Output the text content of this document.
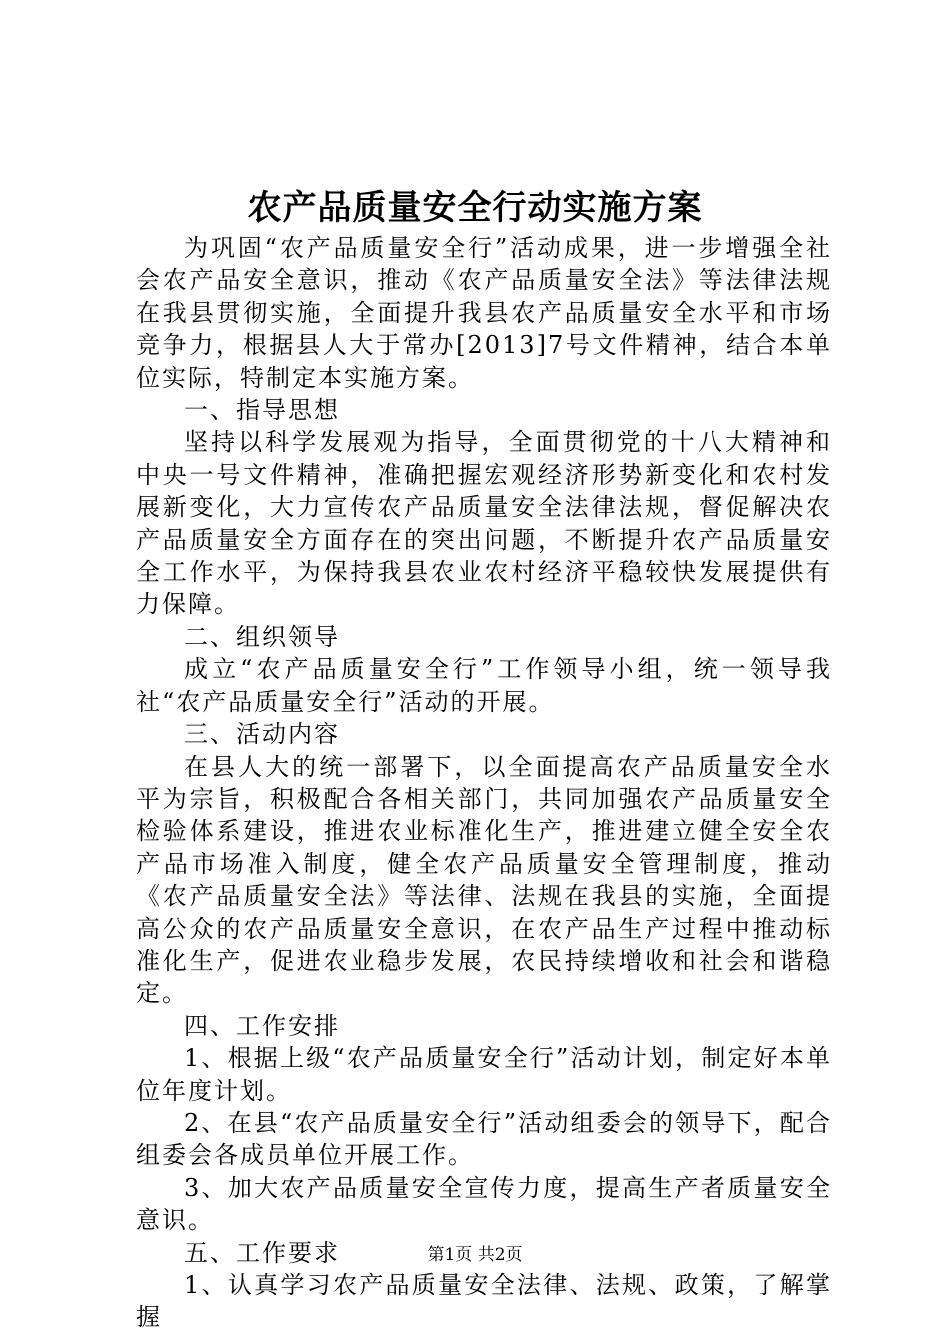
农产品质量安全行动实施方案

为巩固“农产品质量安全行”活动成果，进一步增强全社会农产品安全意识，推动《农产品质量安全法》等法律法规在我县贯彻实施，全面提升我县农产品质量安全水平和市场竞争力，根据县人大于常办[2013]7号文件精神，结合本单位实际，特制定本实施方案。

一、指导思想

坚持以科学发展观为指导，全面贯彻党的十八大精神和中央一号文件精神，准确把握宏观经济形势新变化和农村发展新变化，大力宣传农产品质量安全法律法规，督促解决农产品质量安全方面存在的突出问题，不断提升农产品质量安全工作水平，为保持我县农业农村经济平稳较快发展提供有力保障。

二、组织领导

成立“农产品质量安全行”工作领导小组，统一领导我社“农产品质量安全行”活动的开展。

三、活动内容

在县人大的统一部署下，以全面提高农产品质量安全水平为宗旨，积极配合各相关部门，共同加强农产品质量安全检验体系建设，推进农业标准化生产，推进建立健全安全农产品市场准入制度，健全农产品质量安全管理制度，推动《农产品质量安全法》等法律、法规在我县的实施，全面提高公众的农产品质量安全意识，在农产品生产过程中推动标准化生产，促进农业稳步发展，农民持续增收和社会和谐稳定。

四、工作安排

1、根据上级“农产品质量安全行”活动计划，制定好本单位年度计划。

2、在县“农产品质量安全行”活动组委会的领导下，配合组委会各成员单位开展工作。

3、加大农产品质量安全宣传力度，提高生产者质量安全意识。

五、工作要求

1、认真学习农产品质量安全法律、法规、政策，了解掌握

第1页 共2页
